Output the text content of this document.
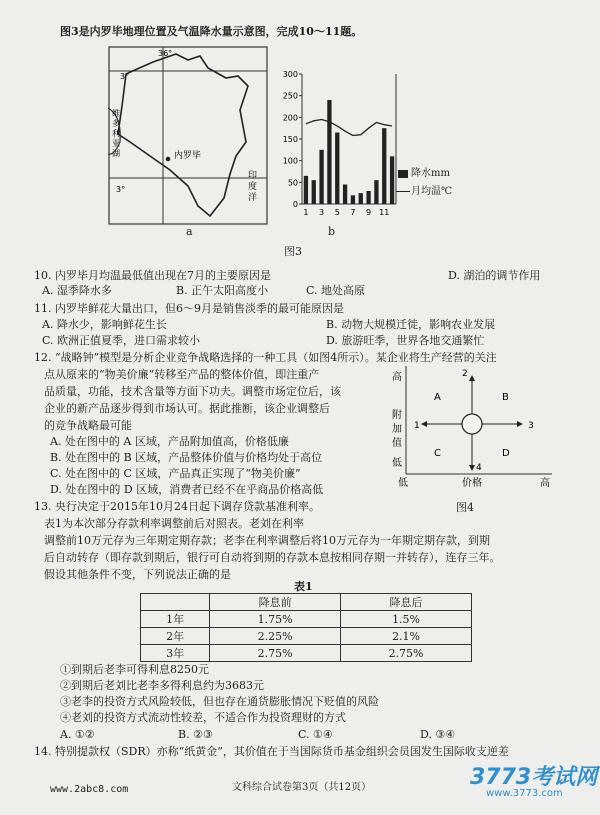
图3是内罗毕地理位置及气温降水量示意图，完成10～11题。
3°
36°
3°
内罗毕
维多利亚湖
印度洋
a
300
250
200
150
100
50
0
1 3 5 7 9 11
降水mm
月均温℃
b
图3
10. 内罗毕月均温最低值出现在7月的主要原因是	D. 湖泊的调节作用
A. 湿季降水多	B. 正午太阳高度小	C. 地处高原
11. 内罗毕鲜花大量出口，但6～9月是销售淡季的最可能原因是
A. 降水少，影响鲜花生长	B. 动物大规模迁徙，影响农业发展
C. 欧洲正值夏季，进口需求较小	D. 旅游旺季，世界各地交通繁忙
12. “战略钟”模型是分析企业竞争战略选择的一种工具（如图4所示）。某企业将生产经营的关注
点从原来的“物美价廉”转移至产品的整体价值，即注重产
品质量，功能，技术含量等方面下功夫。调整市场定位后，该
企业的新产品逐步得到市场认可。据此推断，该企业调整后
的竞争战略最可能
A. 处在图中的 A 区域，产品附加值高，价格低廉
B. 处在图中的 B 区域，产品整体价值与价格均处于高位
C. 处在图中的 C 区域，产品真正实现了“物美价廉”
D. 处在图中的 D 区域，消费者已经不在乎商品价格高低
高
附
加
值
低
低	价格	高
A	B
C	D
1
2
3
4
图4
13. 央行决定于2015年10月24日起下调存贷款基准利率。
表1为本次部分存款利率调整前后对照表。老刘在利率
调整前10万元存为三年期定期存款；老李在利率调整后将10万元存为一年期定期存款，到期
后自动转存（即存款到期后，银行可自动将到期的存款本息按相同存期一并转存），连存三年。
假设其他条件不变，下列说法正确的是
表1
	降息前	降息后
1年	1.75%	1.5%
2年	2.25%	2.1%
3年	2.75%	2.75%
①到期后老李可得利息8250元
②到期后老刘比老李多得利息约为3683元
③老李的投资方式风险较低，但也存在通货膨胀情况下贬值的风险
④老刘的投资方式流动性较差，不适合作为投资理财的方式
A. ①②	B. ②③	C. ①④	D. ③④
14. 特别提款权（SDR）亦称“纸黄金”，其价值在于当国际货币基金组织会员国发生国际收支逆差
www.2abc8.com	文科综合试卷第3页（共12页）	3773考试网
www.3773.com
